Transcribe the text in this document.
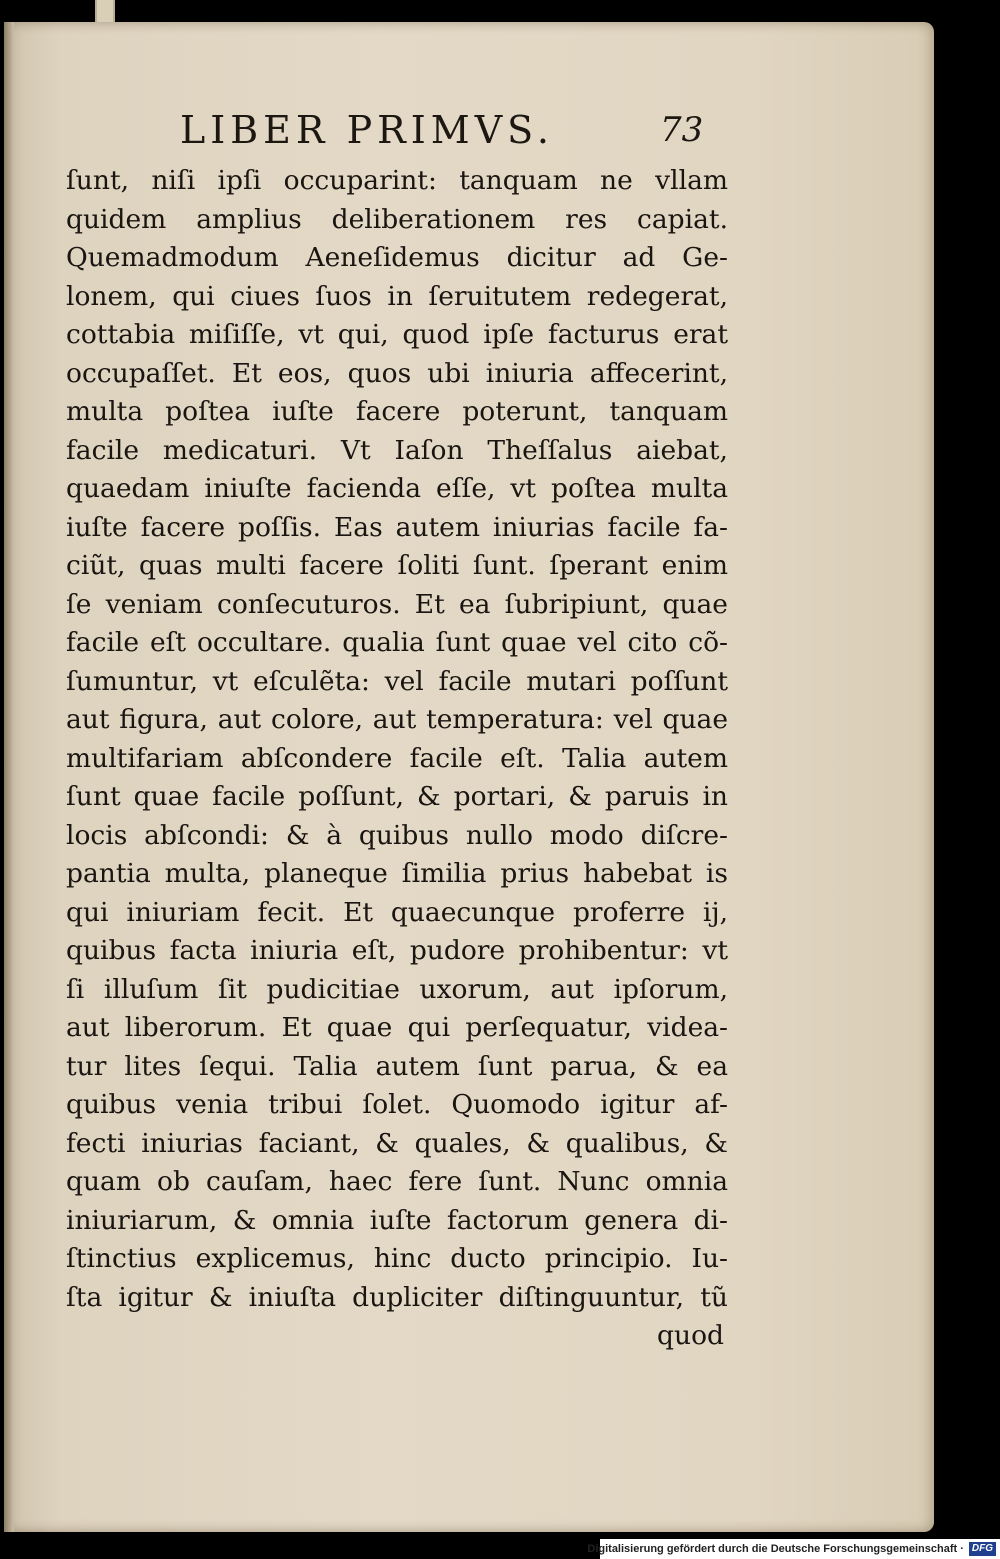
LIBER PRIMVS.	73
ſunt, niſi ipſi occuparint: tanquam ne vllam
quidem amplius deliberationem res capiat.
Quemadmodum Aeneſidemus dicitur ad Ge-
lonem, qui ciues ſuos in ſeruitutem redegerat,
cottabia miſiſſe, vt qui, quod ipſe facturus erat
occupaſſet. Et eos, quos ubi iniuria affecerint,
multa poſtea iuſte facere poterunt, tanquam
facile medicaturi. Vt Iaſon Theſſalus aiebat,
quaedam iniuſte facienda eſſe, vt poſtea multa
iuſte facere poſſis. Eas autem iniurias facile fa-
ciũt, quas multi facere ſoliti ſunt. ſperant enim
ſe veniam conſecuturos. Et ea ſubripiunt, quae
facile eſt occultare. qualia ſunt quae vel cito cõ-
ſumuntur, vt eſculẽta: vel facile mutari poſſunt
aut figura, aut colore, aut temperatura: vel quae
multifariam abſcondere facile eſt. Talia autem
ſunt quae facile poſſunt, & portari, & paruis in
locis abſcondi: & à quibus nullo modo diſcre-
pantia multa, planeque ſimilia prius habebat is
qui iniuriam fecit. Et quaecunque proferre ij,
quibus facta iniuria eſt, pudore prohibentur: vt
ſi illuſum ſit pudicitiae uxorum, aut ipſorum,
aut liberorum. Et quae qui perſequatur, videa-
tur lites ſequi. Talia autem ſunt parua, & ea
quibus venia tribui ſolet. Quomodo igitur af-
fecti iniurias faciant, & quales, & qualibus, &
quam ob cauſam, haec fere ſunt. Nunc omnia
iniuriarum, & omnia iuſte factorum genera di-
ſtinctius explicemus, hinc ducto principio. Iu-
ſta igitur & iniuſta dupliciter diſtinguuntur, tũ
quod
Digitalisierung gefördert durch die Deutsche Forschungsgemeinschaft · DFG
